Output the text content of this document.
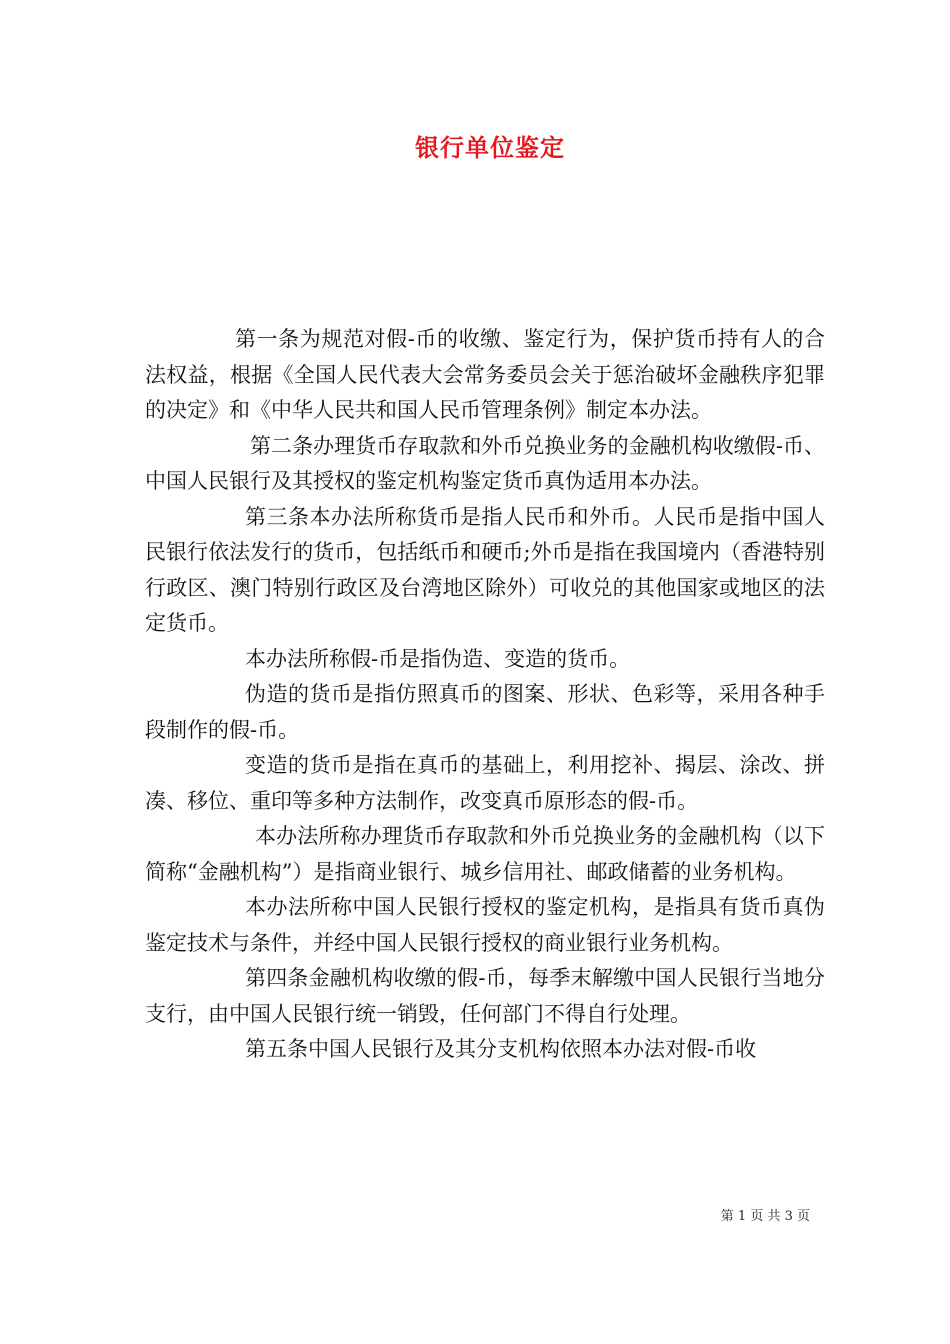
银行单位鉴定

第一条为规范对假-币的收缴、鉴定行为，保护货币持有人的合法权益，根据《全国人民代表大会常务委员会关于惩治破坏金融秩序犯罪的决定》和《中华人民共和国人民币管理条例》制定本办法。

第二条办理货币存取款和外币兑换业务的金融机构收缴假-币、中国人民银行及其授权的鉴定机构鉴定货币真伪适用本办法。

第三条本办法所称货币是指人民币和外币。人民币是指中国人民银行依法发行的货币，包括纸币和硬币;外币是指在我国境内（香港特别行政区、澳门特别行政区及台湾地区除外）可收兑的其他国家或地区的法定货币。

本办法所称假-币是指伪造、变造的货币。

伪造的货币是指仿照真币的图案、形状、色彩等，采用各种手段制作的假-币。

变造的货币是指在真币的基础上，利用挖补、揭层、涂改、拼凑、移位、重印等多种方法制作，改变真币原形态的假-币。

本办法所称办理货币存取款和外币兑换业务的金融机构（以下简称“金融机构”）是指商业银行、城乡信用社、邮政储蓄的业务机构。

本办法所称中国人民银行授权的鉴定机构，是指具有货币真伪鉴定技术与条件，并经中国人民银行授权的商业银行业务机构。

第四条金融机构收缴的假-币，每季末解缴中国人民银行当地分支行，由中国人民银行统一销毁，任何部门不得自行处理。

第五条中国人民银行及其分支机构依照本办法对假-币收

第 1 页 共 3 页
